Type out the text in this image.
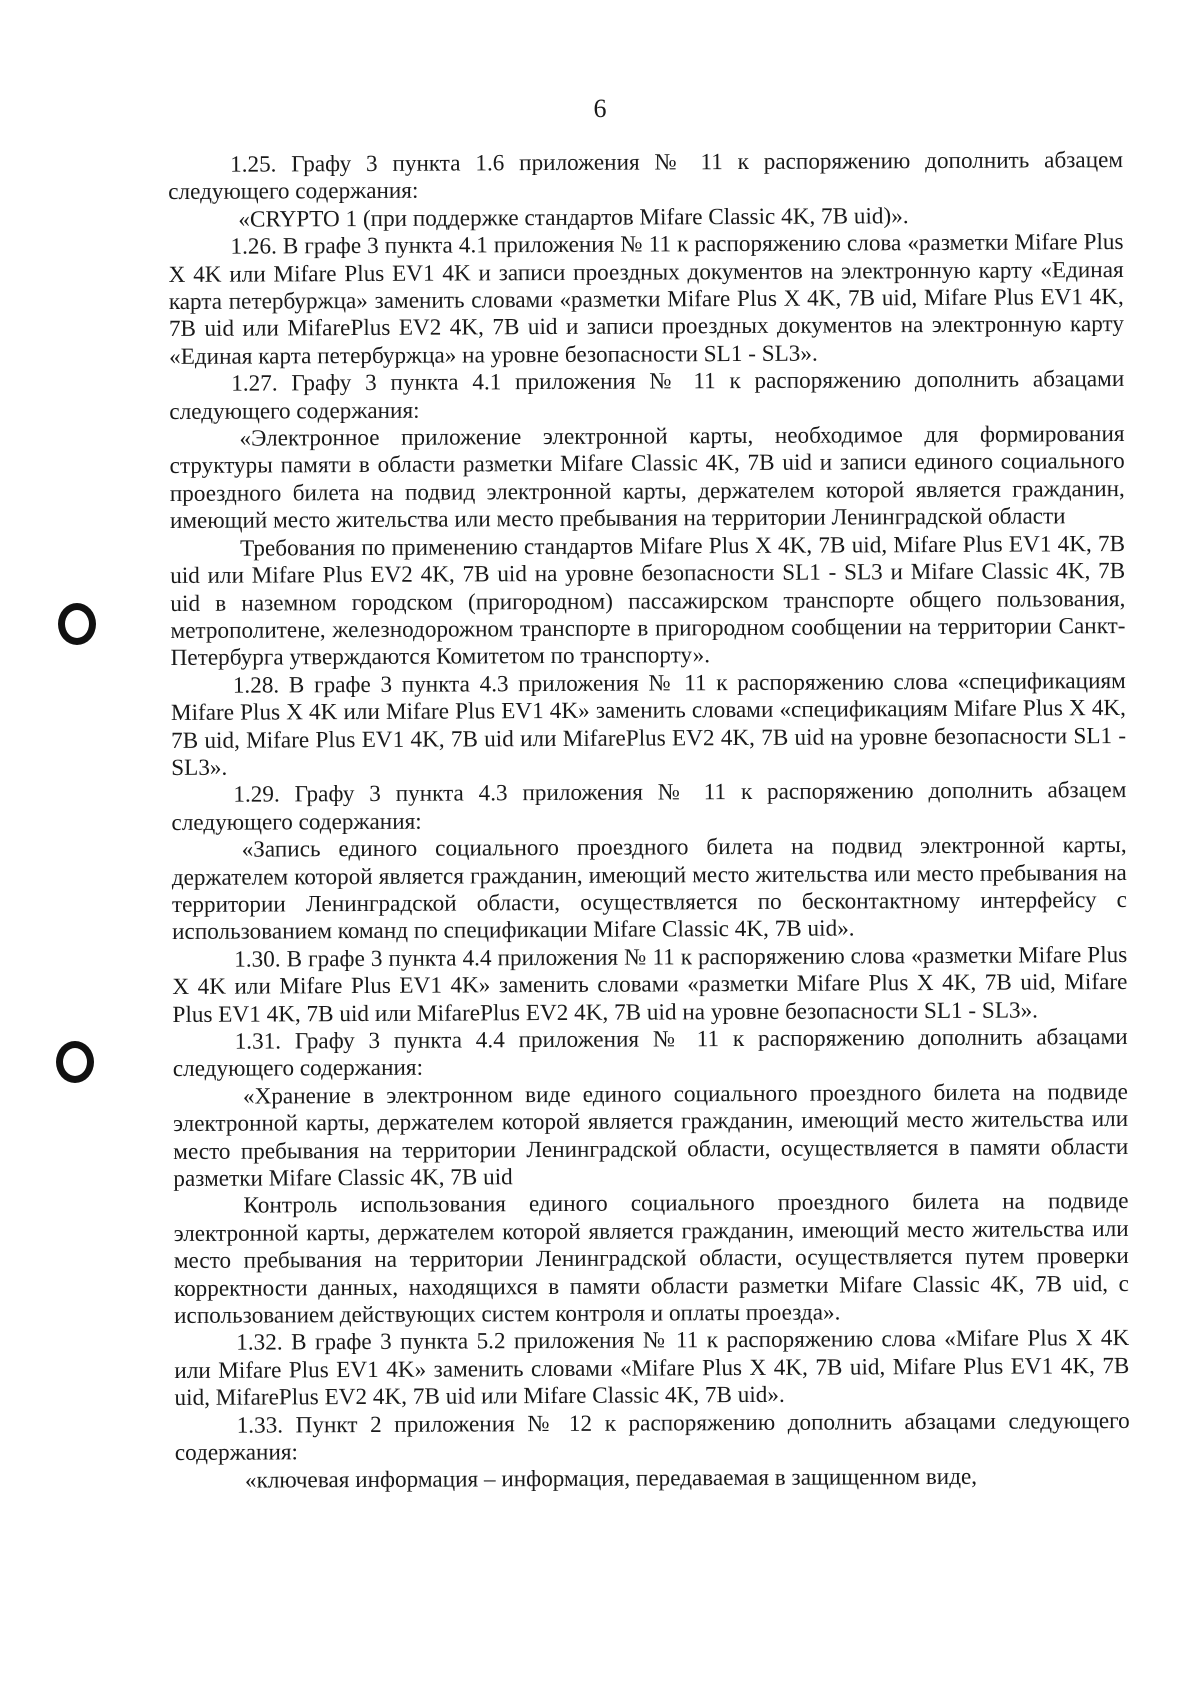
6

1.25. Графу 3 пункта 1.6 приложения № 11 к распоряжению дополнить абзацем следующего содержания:

«CRYPTO 1 (при поддержке стандартов Mifare Classic 4K, 7B uid)».

1.26. В графе 3 пункта 4.1 приложения № 11 к распоряжению слова «разметки Mifare Plus X 4K или Mifare Plus EV1 4K и записи проездных документов на электронную карту «Единая карта петербуржца» заменить словами «разметки Mifare Plus X 4K, 7B uid, Mifare Plus EV1 4K, 7B uid или MifarePlus EV2 4K, 7B uid и записи проездных документов на электронную карту «Единая карта петербуржца» на уровне безопасности SL1 - SL3».

1.27. Графу 3 пункта 4.1 приложения № 11 к распоряжению дополнить абзацами следующего содержания:

«Электронное приложение электронной карты, необходимое для формирования структуры памяти в области разметки Mifare Classic 4K, 7B uid и записи единого социального проездного билета на подвид электронной карты, держателем которой является гражданин, имеющий место жительства или место пребывания на территории Ленинградской области

Требования по применению стандартов Mifare Plus X 4K, 7B uid, Mifare Plus EV1 4K, 7B uid или Mifare Plus EV2 4K, 7B uid на уровне безопасности SL1 - SL3 и Mifare Classic 4K, 7B uid в наземном городском (пригородном) пассажирском транспорте общего пользования, метрополитене, железнодорожном транспорте в пригородном сообщении на территории Санкт-Петербурга утверждаются Комитетом по транспорту».

1.28. В графе 3 пункта 4.3 приложения № 11 к распоряжению слова «спецификациям Mifare Plus X 4K или Mifare Plus EV1 4K» заменить словами «спецификациям Mifare Plus X 4K, 7B uid, Mifare Plus EV1 4K, 7B uid или MifarePlus EV2 4K, 7B uid на уровне безопасности SL1 - SL3».

1.29. Графу 3 пункта 4.3 приложения № 11 к распоряжению дополнить абзацем следующего содержания:

«Запись единого социального проездного билета на подвид электронной карты, держателем которой является гражданин, имеющий место жительства или место пребывания на территории Ленинградской области, осуществляется по бесконтактному интерфейсу с использованием команд по спецификации Mifare Classic 4K, 7B uid».

1.30. В графе 3 пункта 4.4 приложения № 11 к распоряжению слова «разметки Mifare Plus X 4K или Mifare Plus EV1 4K» заменить словами «разметки Mifare Plus X 4K, 7B uid, Mifare Plus EV1 4K, 7B uid или MifarePlus EV2 4K, 7B uid на уровне безопасности SL1 - SL3».

1.31. Графу 3 пункта 4.4 приложения № 11 к распоряжению дополнить абзацами следующего содержания:

«Хранение в электронном виде единого социального проездного билета на подвиде электронной карты, держателем которой является гражданин, имеющий место жительства или место пребывания на территории Ленинградской области, осуществляется в памяти области разметки Mifare Classic 4K, 7B uid

Контроль использования единого социального проездного билета на подвиде электронной карты, держателем которой является гражданин, имеющий место жительства или место пребывания на территории Ленинградской области, осуществляется путем проверки корректности данных, находящихся в памяти области разметки Mifare Classic 4K, 7B uid, с использованием действующих систем контроля и оплаты проезда».

1.32. В графе 3 пункта 5.2 приложения № 11 к распоряжению слова «Mifare Plus X 4K или Mifare Plus EV1 4K» заменить словами «Mifare Plus X 4K, 7B uid, Mifare Plus EV1 4K, 7B uid, MifarePlus EV2 4K, 7B uid или Mifare Classic 4K, 7B uid».

1.33. Пункт 2 приложения № 12 к распоряжению дополнить абзацами следующего содержания:

«ключевая информация – информация, передаваемая в защищенном виде,
